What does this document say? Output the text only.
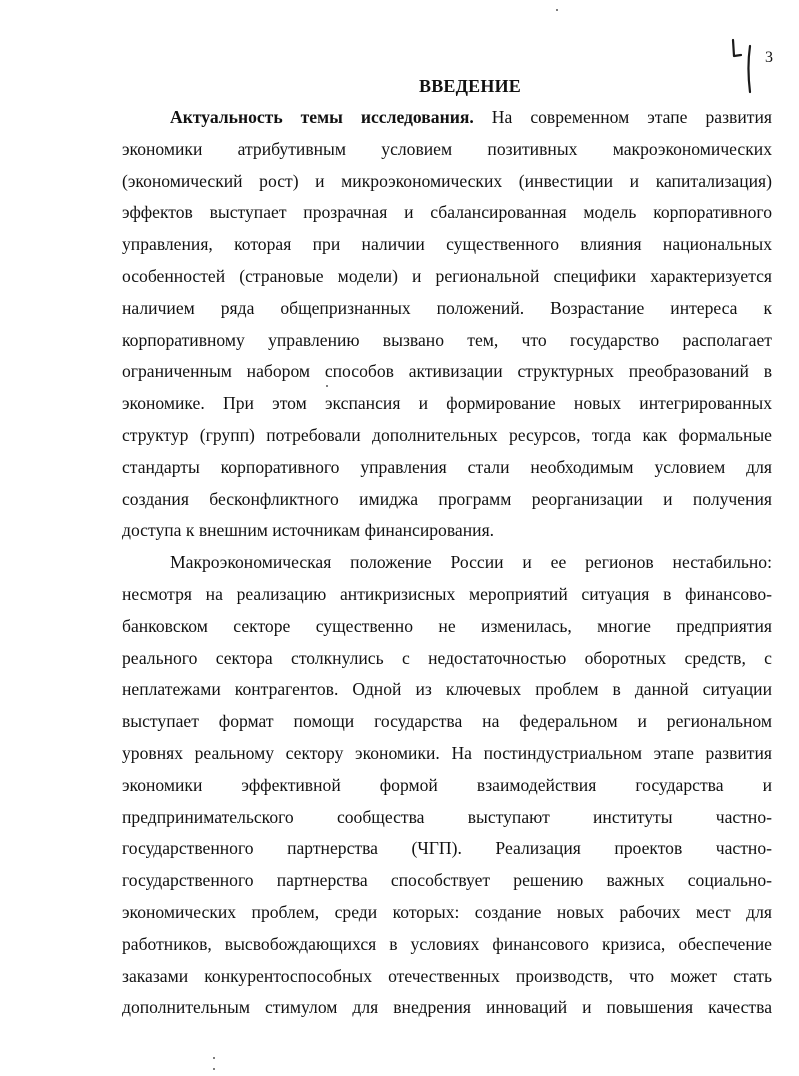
3
ВВЕДЕНИЕ
Актуальность темы исследования. На современном этапе развития
экономики атрибутивным условием позитивных макроэкономических
(экономический рост) и микроэкономических (инвестиции и капитализация)
эффектов выступает прозрачная и сбалансированная модель корпоративного
управления, которая при наличии существенного влияния национальных
особенностей (страновые модели) и региональной специфики характеризуется
наличием ряда общепризнанных положений. Возрастание интереса к
корпоративному управлению вызвано тем, что государство располагает
ограниченным набором способов активизации структурных преобразований в
экономике. При этом экспансия и формирование новых интегрированных
структур (групп) потребовали дополнительных ресурсов, тогда как формальные
стандарты корпоративного управления стали необходимым условием для
создания бесконфликтного имиджа программ реорганизации и получения
доступа к внешним источникам финансирования.
Макроэкономическая положение России и ее регионов нестабильно:
несмотря на реализацию антикризисных мероприятий ситуация в финансово-
банковском секторе существенно не изменилась, многие предприятия
реального сектора столкнулись с недостаточностью оборотных средств, с
неплатежами контрагентов. Одной из ключевых проблем в данной ситуации
выступает формат помощи государства на федеральном и региональном
уровнях реальному сектору экономики. На постиндустриальном этапе развития
экономики эффективной формой взаимодействия государства и
предпринимательского сообщества выступают институты частно-
государственного партнерства (ЧГП). Реализация проектов частно-
государственного партнерства способствует решению важных социально-
экономических проблем, среди которых: создание новых рабочих мест для
работников, высвобождающихся в условиях финансового кризиса, обеспечение
заказами конкурентоспособных отечественных производств, что может стать
дополнительным стимулом для внедрения инноваций и повышения качества
